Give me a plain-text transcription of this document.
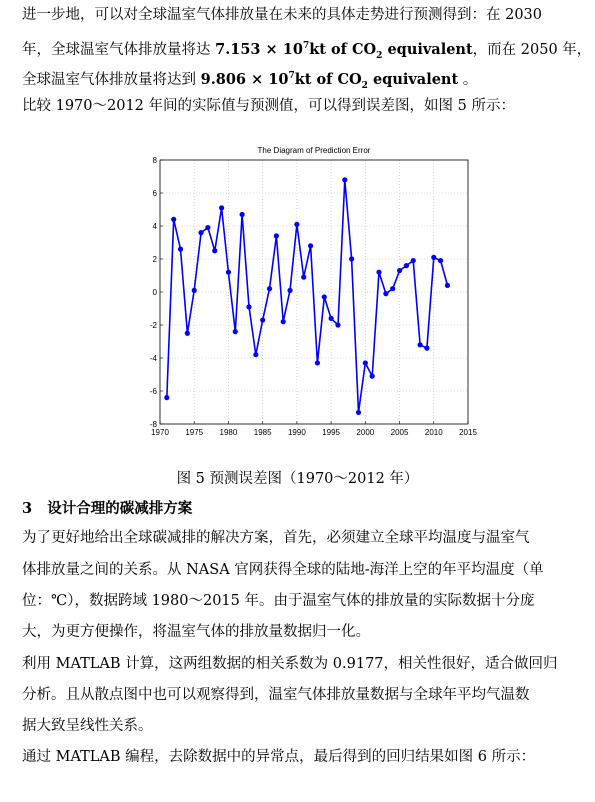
进一步地，可以对全球温室气体排放量在未来的具体走势进行预测得到：在 2030

年，全球温室气体排放量将达 $7.153 \times 10^7kt$ of $CO_2$ equivalent，而在 2050 年，

全球温室气体排放量将达到 $9.806 \times 10^7kt$ of $CO_2$ equivalent 。

比较 1970～2012 年间的实际值与预测值，可以得到误差图，如图 5 所示：

1970 1975 1980 1985 1990 1995 2000 2005 2010 2015
8
6
4
2
0
-2
-4
-6
-8
The Diagram of Prediction Error
图 5 预测误差图（1970～2012 年）
3 设计合理的碳减排方案

为了更好地给出全球碳减排的解决方案，首先，必须建立全球平均温度与温室气

体排放量之间的关系。从 NASA 官网获得全球的陆地-海洋上空的年平均温度（单

位：℃），数据跨域 1980～2015 年。由于温室气体的排放量的实际数据十分庞

大，为更方便操作，将温室气体的排放量数据归一化。

利用 MATLAB 计算，这两组数据的相关系数为 0.9177，相关性很好，适合做回归

分析。且从散点图中也可以观察得到，温室气体排放量数据与全球年平均气温数

据大致呈线性关系。

通过 MATLAB 编程，去除数据中的异常点，最后得到的回归结果如图 6 所示：
